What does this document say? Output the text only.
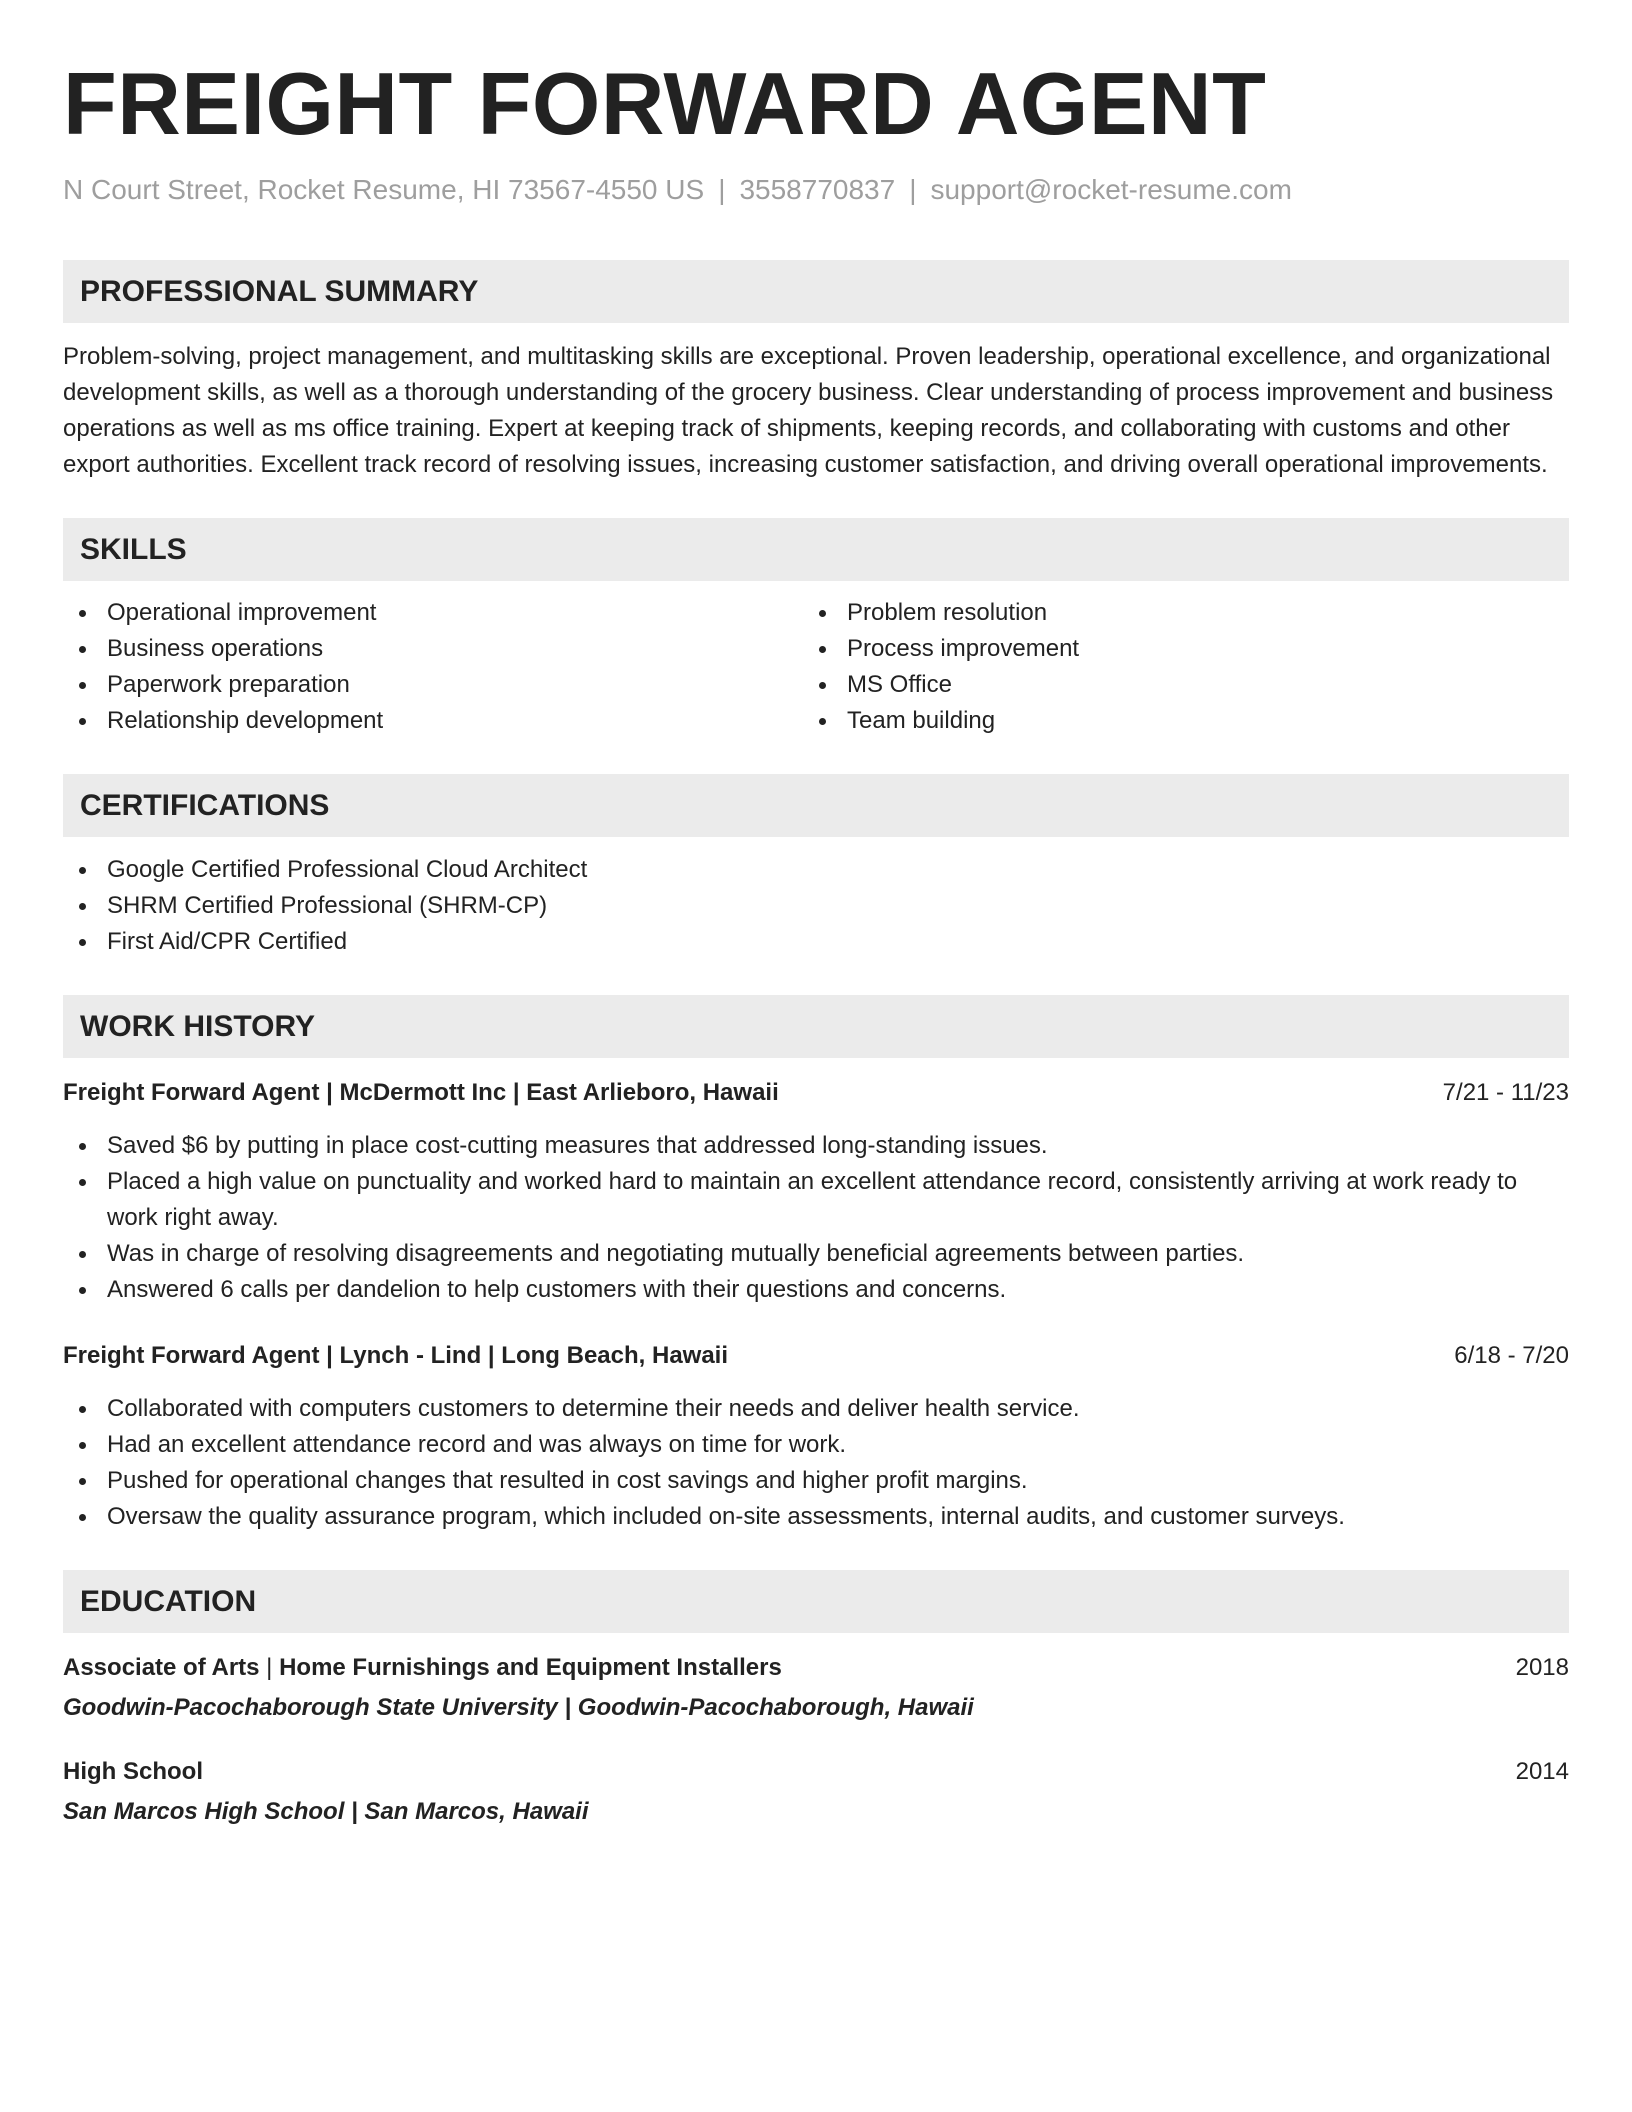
FREIGHT FORWARD AGENT
N Court Street, Rocket Resume, HI 73567-4550 US | 3558770837 | support@rocket-resume.com
PROFESSIONAL SUMMARY

Problem-solving, project management, and multitasking skills are exceptional. Proven leadership, operational excellence, and organizational development skills, as well as a thorough understanding of the grocery business. Clear understanding of process improvement and business operations as well as ms office training. Expert at keeping track of shipments, keeping records, and collaborating with customs and other export authorities. Excellent track record of resolving issues, increasing customer satisfaction, and driving overall operational improvements.

SKILLS
Operational improvement
Business operations
Paperwork preparation
Relationship development
Problem resolution
Process improvement
MS Office
Team building
CERTIFICATIONS
Google Certified Professional Cloud Architect
SHRM Certified Professional (SHRM-CP)
First Aid/CPR Certified
WORK HISTORY
Freight Forward Agent | McDermott Inc | East Arlieboro, Hawaii	7/21 - 11/23
Saved $6 by putting in place cost-cutting measures that addressed long-standing issues.
Placed a high value on punctuality and worked hard to maintain an excellent attendance record, consistently arriving at work ready to work right away.
Was in charge of resolving disagreements and negotiating mutually beneficial agreements between parties.
Answered 6 calls per dandelion to help customers with their questions and concerns.
Freight Forward Agent | Lynch - Lind | Long Beach, Hawaii	6/18 - 7/20
Collaborated with computers customers to determine their needs and deliver health service.
Had an excellent attendance record and was always on time for work.
Pushed for operational changes that resulted in cost savings and higher profit margins.
Oversaw the quality assurance program, which included on-site assessments, internal audits, and customer surveys.
EDUCATION
Associate of Arts | Home Furnishings and Equipment Installers	2018
Goodwin-Pacochaborough State University | Goodwin-Pacochaborough, Hawaii
High School	2014
San Marcos High School | San Marcos, Hawaii
